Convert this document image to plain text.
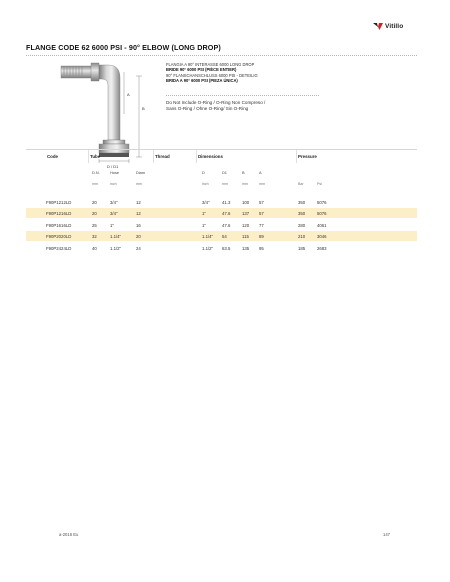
Vitillo
FLANGE CODE 62 6000 PSI - 90° ELBOW (LONG DROP)
B
A
D / D1
FLANGIA A 90° INTERASSE 6000 LONG DROP
BRIDE 90° 6000 PSI (PIÈCE ENTIER)
90° FLANSCHANSCHLUSS 6000 PSI - DETEILIG
BRIDA A 90° 6000 PSI (PIEZA ÚNICA)
Do Not Include O-Ring / O-Ring Non Compreso /
Sans O-Ring / Ohne O-Ring/ Sin O-Ring
Code	Tube	Thread	Dimensions	Pressure
D.N.	Hose	Diam	D	D1	B	A
mm	inch	mm	inch	mm	mm	mm	Bar	Psi
F90P1212LD	20	3/4"	12	3/4"	41.3	100 57	350	5076
F90P1216LD	20	3/4"	12	1"	47.6	137 57	350	5076
F90P1616LD	25	1"	16	1"	47.6	120 77	280	4061
F90P2020LD	32	1.1/4"	20	1.1/4" 54	115 89	210	3046
F90P2424LD	40	1.1/2"	24	1.1/2" 63.5	135 95	185	2683
a-2016 Eu	147
